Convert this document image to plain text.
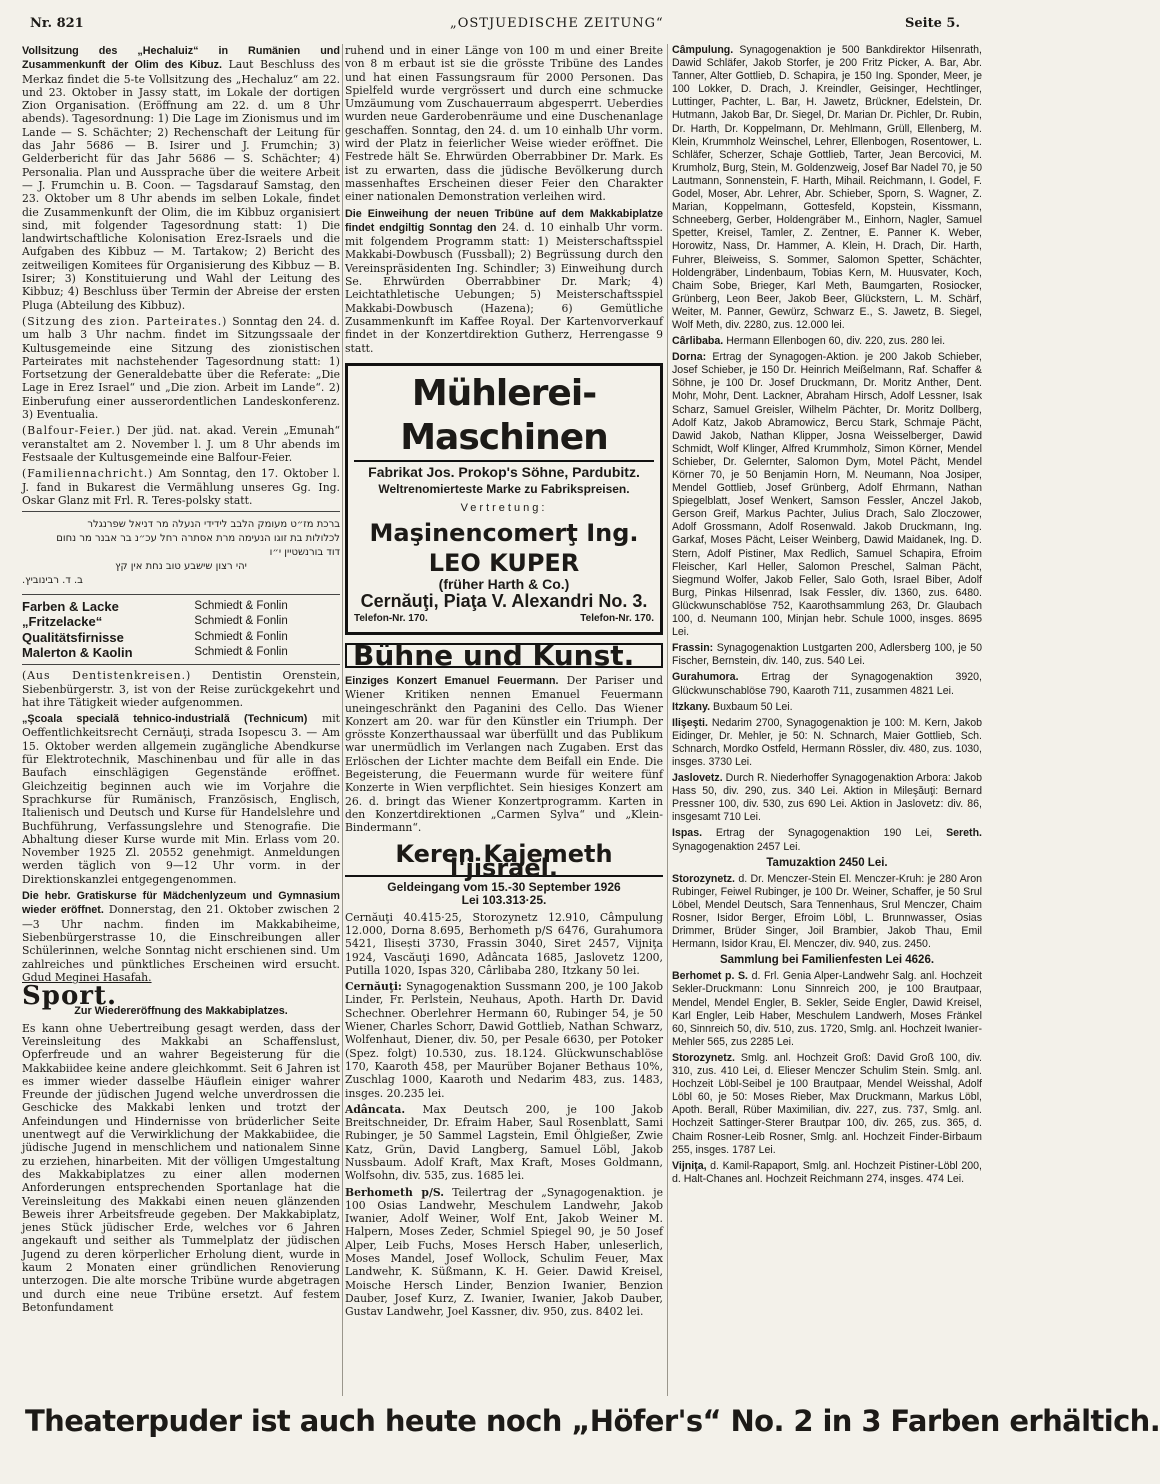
Nr. 821	„OSTJUEDISCHE ZEITUNG“	Seite 5.

Vollsitzung des „Hechaluiz“ in Rumänien und Zusammenkunft der Olim des Kibuz. Laut Beschluss des Merkaz findet die 5-te Vollsitzung des „Hechaluz“ am 22. und 23. Oktober in Jassy statt, im Lokale der dortigen Zion Organisation. (Eröffnung am 22. d. um 8 Uhr abends). Tagesordnung: 1) Die Lage im Zionismus und im Lande — S. Schächter; 2) Rechenschaft der Leitung für das Jahr 5686 — B. Isirer und J. Frumchin; 3) Gelderbericht für das Jahr 5686 — S. Schächter; 4) Personalia. Plan und Aussprache über die weitere Arbeit — J. Frumchin u. B. Coon. — Tagsdarauf Samstag, den 23. Oktober um 8 Uhr abends im selben Lokale, findet die Zusammenkunft der Olim, die im Kibbuz organisiert sind, mit folgender Tagesordnung statt: 1) Die landwirtschaftliche Kolonisation Erez-Israels und die Aufgaben des Kibbuz — M. Tartakow; 2) Bericht des zeitweiligen Komitees für Organisierung des Kibbuz — B. Isirer; 3) Konstituierung und Wahl der Leitung des Kibbuz; 4) Beschluss über Termin der Abreise der ersten Pluga (Abteilung des Kibbuz).

(Sitzung des zion. Parteirates.) Sonntag den 24. d. um halb 3 Uhr nachm. findet im Sitzungssaale der Kultusgemeinde eine Sitzung des zionistischen Parteirates mit nachstehender Tagesordnung statt: 1) Fortsetzung der Generaldebatte über die Referate: „Die Lage in Erez Israel“ und „Die zion. Arbeit im Lande“. 2) Einberufung einer ausserordentlichen Landeskonferenz. 3) Eventualia.

(Balfour-Feier.) Der jüd. nat. akad. Verein „Emunah“ veranstaltet am 2. November l. J. um 8 Uhr abends im Festsaale der Kultusgemeinde eine Balfour-Feier.

(Familiennachricht.) Am Sonntag, den 17. Oktober l. J. fand in Bukarest die Vermählung unseres Gg. Ing. Oskar Glanz mit Frl. R. Teres-polsky statt.

ברכת מז״ט מעומק הלבב לידידי הנעלה מר דניאל שפרנגלר
לכלולות בת זוגו הנעימה מרת אסתרה רחל עכ״נ בר אבנר מר נחום
דוד בורנשטיין י״ו
יהי רצון שישבע טוב נחת אין קץ
ב. ד. רבינוביץ.
Farben & Lacke	Schmiedt & Fonlin
„Fritzelacke“	Schmiedt & Fonlin
Qualitätsfirnisse	Schmiedt & Fonlin
Malerton & Kaolin	Schmiedt & Fonlin

(Aus Dentistenkreisen.) Dentistin Orenstein, Siebenbürgerstr. 3, ist von der Reise zurückgekehrt und hat ihre Tätigkeit wieder aufgenommen.

„Şcoala specială tehnico-industrială (Technicum) mit Oeffentlichkeitsrecht Cernăuţi, strada Isopescu 3. — Am 15. Oktober werden allgemein zugängliche Abendkurse für Elektrotechnik, Maschinenbau und für alle in das Baufach einschlägigen Gegenstände eröffnet. Gleichzeitig beginnen auch wie im Vorjahre die Sprachkurse für Rumänisch, Französisch, Englisch, Italienisch und Deutsch und Kurse für Handelslehre und Buchführung, Verfassungslehre und Stenografie. Die Abhaltung dieser Kurse wurde mit Min. Erlass vom 20. November 1925 Zl. 20552 genehmigt. Anmeldungen werden täglich von 9—12 Uhr vorm. in der Direktionskanzlei entgegengenommen.

Die hebr. Gratiskurse für Mädchenlyzeum und Gymnasium wieder eröffnet. Donnerstag, den 21. Oktober zwischen 2—3 Uhr nachm. finden im Makkabiheime, Siebenbürgerstrasse 10, die Einschreibungen aller Schülerinnen, welche Sonntag nicht erschienen sind. Um zahlreiches und pünktliches Erscheinen wird ersucht. Gdud Meginei Hasafah.

Sport.

Zur Wiedereröffnung des Makkabiplatzes.

Es kann ohne Uebertreibung gesagt werden, dass der Vereinsleitung des Makkabi an Schaffenslust, Opferfreude und an wahrer Begeisterung für die Makkabiidee keine andere gleichkommt. Seit 6 Jahren ist es immer wieder dasselbe Häuflein einiger wahrer Freunde der jüdischen Jugend welche unverdrossen die Geschicke des Makkabi lenken und trotzt der Anfeindungen und Hindernisse von brüderlicher Seite unentwegt auf die Verwirklichung der Makkabiidee, die jüdische Jugend in menschlichem und nationalem Sinne zu erziehen, hinarbeiten. Mit der völligen Umgestaltung des Makkabiplatzes zu einer allen modernen Anforderungen entsprechenden Sportanlage hat die Vereinsleitung des Makkabi einen neuen glänzenden Beweis ihrer Arbeitsfreude gegeben. Der Makkabiplatz, jenes Stück jüdischer Erde, welches vor 6 Jahren angekauft und seither als Tummelplatz der jüdischen Jugend zu deren körperlicher Erholung dient, wurde in kaum 2 Monaten einer gründlichen Renovierung unterzogen. Die alte morsche Tribüne wurde abgetragen und durch eine neue Tribüne ersetzt. Auf festem Betonfundament

ruhend und in einer Länge von 100 m und einer Breite von 8 m erbaut ist sie die grösste Tribüne des Landes und hat einen Fassungsraum für 2000 Personen. Das Spielfeld wurde vergrössert und durch eine schmucke Umzäumung vom Zuschauerraum abgesperrt. Ueberdies wurden neue Garderobenräume und eine Duschenanlage geschaffen. Sonntag, den 24. d. um 10 einhalb Uhr vorm. wird der Platz in feierlicher Weise wieder eröffnet. Die Festrede hält Se. Ehrwürden Oberrabbiner Dr. Mark. Es ist zu erwarten, dass die jüdische Bevölkerung durch massenhaftes Erscheinen dieser Feier den Charakter einer nationalen Demonstration verleihen wird.

Die Einweihung der neuen Tribüne auf dem Makkabiplatze findet endgiltig Sonntag den 24. d. 10 einhalb Uhr vorm. mit folgendem Programm statt: 1) Meisterschaftsspiel Makkabi-Dowbusch (Fussball); 2) Begrüssung durch den Vereinspräsidenten Ing. Schindler; 3) Einweihung durch Se. Ehrwürden Oberrabbiner Dr. Mark; 4) Leichtathletische Uebungen; 5) Meisterschaftsspiel Makkabi-Dowbusch (Hazena); 6) Gemütliche Zusammenkunft im Kaffee Royal. Der Kartenvorverkauf findet in der Konzertdirektion Gutherz, Herrengasse 9 statt.

Mühlerei-Maschinen
Fabrikat Jos. Prokop's Söhne, Pardubitz.
Weltrenomierteste Marke zu Fabrikspreisen.
Vertretung:
Maşinencomerţ Ing. LEO KUPER
(früher Harth & Co.)
Cernăuţi, Piaţa V. Alexandri No. 3.
Telefon-Nr. 170.	Telefon-Nr. 170.
Bühne und Kunst.

Einziges Konzert Emanuel Feuermann. Der Pariser und Wiener Kritiken nennen Emanuel Feuermann uneingeschränkt den Paganini des Cello. Das Wiener Konzert am 20. war für den Künstler ein Triumph. Der grösste Konzerthaussaal war überfüllt und das Publikum war unermüdlich im Verlangen nach Zugaben. Erst das Erlöschen der Lichter machte dem Beifall ein Ende. Die Begeisterung, die Feuermann wurde für weitere fünf Konzerte in Wien verpflichtet. Sein hiesiges Konzert am 26. d. bringt das Wiener Konzertprogramm. Karten in den Konzertdirektionen „Carmen Sylva“ und „Klein-Bindermann“.

Keren Kajemeth l'jisrael.
Geldeingang vom 15.-30 September 1926
Lei 103.313·25.

Cernăuţi 40.415·25, Storozynetz 12.910, Câmpulung 12.000, Dorna 8.695, Berhometh p/S 6476, Gurahumora 5421, Ilisești 3730, Frassin 3040, Siret 2457, Vijniţa 1924, Vascăuţi 1690, Adâncata 1685, Jaslovetz 1200, Putilla 1020, Ispas 320, Cârlibaba 280, Itzkany 50 lei.

Cernăuţi: Synagogenaktion Sussmann 200, je 100 Jakob Linder, Fr. Perlstein, Neuhaus, Apoth. Harth Dr. David Schechner. Oberlehrer Hermann 60, Rubinger 54, je 50 Wiener, Charles Schorr, Dawid Gottlieb, Nathan Schwarz, Wolfenhaut, Diener, div. 50, per Pesale 6630, per Potoker (Spez. folgt) 10.530, zus. 18.124. Glückwunschablöse 170, Kaaroth 458, per Maurüber Bojaner Bethaus 10%, Zuschlag 1000, Kaaroth und Nedarim 483, zus. 1483, insges. 20.235 lei.

Adâncata. Max Deutsch 200, je 100 Jakob Breitschneider, Dr. Efraim Haber, Saul Rosenblatt, Sami Rubinger, je 50 Sammel Lagstein, Emil Öhlgießer, Zwie Katz, Grün, David Langberg, Samuel Löbl, Jakob Nussbaum. Adolf Kraft, Max Kraft, Moses Goldmann, Wolfsohn, div. 535, zus. 1685 lei.

Berhometh p/S. Teilertrag der „Synagogenaktion. je 100 Osias Landwehr, Meschulem Landwehr, Jakob Iwanier, Adolf Weiner, Wolf Ent, Jakob Weiner M. Halpern, Moses Zeder, Schmiel Spiegel 90, je 50 Josef Alper, Leib Fuchs, Moses Hersch Haber, unleserlich, Moses Mandel, Josef Wollock, Schulim Feuer, Max Landwehr, K. Süßmann, K. H. Geier. Dawid Kreisel, Moische Hersch Linder, Benzion Iwanier, Benzion Dauber, Josef Kurz, Z. Iwanier, Iwanier, Jakob Dauber, Gustav Landwehr, Joel Kassner, div. 950, zus. 8402 lei.

Câmpulung. Synagogenaktion je 500 Bankdirektor Hilsenrath, Dawid Schläfer, Jakob Storfer, je 200 Fritz Picker, A. Bar, Abr. Tanner, Alter Gottlieb, D. Schapira, je 150 Ing. Sponder, Meer, je 100 Lokker, D. Drach, J. Kreindler, Geisinger, Hechtlinger, Luttinger, Pachter, L. Bar, H. Jawetz, Brückner, Edelstein, Dr. Hutmann, Jakob Bar, Dr. Siegel, Dr. Marian Dr. Pichler, Dr. Rubin, Dr. Harth, Dr. Koppelmann, Dr. Mehlmann, Grüll, Ellenberg, M. Klein, Krummholz Weinschel, Lehrer, Ellenbogen, Rosentower, L. Schläfer, Scherzer, Schaje Gottlieb, Tarter, Jean Bercovici, M. Krumholz, Burg, Stein, M. Goldenzweig, Josef Bar Nadel 70, je 50 Lautmann, Sonnenstein, F. Harth, Mihail. Reichmann, I. Godel, F. Godel, Moser, Abr. Lehrer, Abr. Schieber, Sporn, S. Wagner, Z. Marian, Koppelmann, Gottesfeld, Kopstein, Kissmann, Schneeberg, Gerber, Holdengräber M., Einhorn, Nagler, Samuel Spetter, Kreisel, Tamler, Z. Zentner, E. Panner K. Weber, Horowitz, Nass, Dr. Hammer, A. Klein, H. Drach, Dir. Harth, Fuhrer, Bleiweiss, S. Sommer, Salomon Spetter, Schächter, Holdengräber, Lindenbaum, Tobias Kern, M. Huusvater, Koch, Chaim Sobe, Brieger, Karl Meth, Baumgarten, Rosiocker, Grünberg, Leon Beer, Jakob Beer, Glückstern, L. M. Schärf, Weiter, M. Panner, Gewürz, Schwarz E., S. Jawetz, B. Siegel, Wolf Meth, div. 2280, zus. 12.000 lei.

Cârlibaba. Hermann Ellenbogen 60, div. 220, zus. 280 lei.

Dorna: Ertrag der Synagogen-Aktion. je 200 Jakob Schieber, Josef Schieber, je 150 Dr. Heinrich Meißelmann, Raf. Schaffer & Söhne, je 100 Dr. Josef Druckmann, Dr. Moritz Anther, Dent. Mohr, Mohr, Dent. Lackner, Abraham Hirsch, Adolf Lessner, Isak Scharz, Samuel Greisler, Wilhelm Pächter, Dr. Moritz Dollberg, Adolf Katz, Jakob Abramowicz, Bercu Stark, Schmaje Pächt, Dawid Jakob, Nathan Klipper, Josna Weisselberger, Dawid Schmidt, Wolf Klinger, Alfred Krummholz, Simon Körner, Mendel Schieber, Dr. Gelernter, Salomon Dym, Motel Pächt, Mendel Körner 70, je 50 Benjamin Horn, M. Neumann, Noa Josiper, Mendel Gottlieb, Josef Grünberg, Adolf Ehrmann, Nathan Spiegelblatt, Josef Wenkert, Samson Fessler, Anczel Jakob, Gerson Greif, Markus Pachter, Julius Drach, Salo Zloczower, Adolf Grossmann, Adolf Rosenwald. Jakob Druckmann, Ing. Garkaf, Moses Pächt, Leiser Weinberg, Dawid Maidanek, Ing. D. Stern, Adolf Pistiner, Max Redlich, Samuel Schapira, Efroim Fleischer, Karl Heller, Salomon Preschel, Salman Pächt, Siegmund Wolfer, Jakob Feller, Salo Goth, Israel Biber, Adolf Burg, Pinkas Hilsenrad, Isak Fessler, div. 1360, zus. 6480. Glückwunschablöse 752, Kaarothsammlung 263, Dr. Glaubach 100, d. Neumann 100, Minjan hebr. Schule 1000, insges. 8695 Lei.

Frassin: Synagogenaktion Lustgarten 200, Adlersberg 100, je 50 Fischer, Bernstein, div. 140, zus. 540 Lei.

Gurahumora. Ertrag der Synagogenaktion 3920, Glückwunschablöse 790, Kaaroth 711, zusammen 4821 Lei.

Itzkany. Buxbaum 50 Lei.

Ilişeşti. Nedarim 2700, Synagogenaktion je 100: M. Kern, Jakob Eidinger, Dr. Mehler, je 50: N. Schnarch, Maier Gottlieb, Sch. Schnarch, Mordko Ostfeld, Hermann Rössler, div. 480, zus. 1030, insges. 3730 Lei.

Jaslovetz. Durch R. Niederhoffer Synagogenaktion Arbora: Jakob Hass 50, div. 290, zus. 340 Lei. Aktion in Mileşăuţi: Bernard Pressner 100, div. 530, zus 690 Lei. Aktion in Jaslovetz: div. 86, insgesamt 710 Lei.

Ispas. Ertrag der Synagogenaktion 190 Lei, Sereth. Synagogenaktion 2457 Lei.

Tamuzaktion 2450 Lei.

Storozynetz. d. Dr. Menczer-Stein El. Menczer-Kruh: je 280 Aron Rubinger, Feiwel Rubinger, je 100 Dr. Weiner, Schaffer, je 50 Srul Löbel, Mendel Deutsch, Sara Tennenhaus, Srul Menczer, Chaim Rosner, Isidor Berger, Efroim Löbl, L. Brunnwasser, Osias Drimmer, Brüder Singer, Joil Brambier, Jakob Thau, Emil Hermann, Isidor Krau, El. Menczer, div. 940, zus. 2450.

Sammlung bei Familienfesten Lei 4626.

Berhomet p. S. d. Frl. Genia Alper-Landwehr Salg. anl. Hochzeit Sekler-Druckmann: Lonu Sinnreich 200, je 100 Brautpaar, Mendel, Mendel Engler, B. Sekler, Seide Engler, Dawid Kreisel, Karl Engler, Leib Haber, Meschulem Landwerh, Moses Fränkel 60, Sinnreich 50, div. 510, zus. 1720, Smlg. anl. Hochzeit Iwanier-Mehler 565, zus 2285 Lei.

Storozynetz. Smlg. anl. Hochzeit Groß: David Groß 100, div. 310, zus. 410 Lei, d. Elieser Menczer Schulim Stein. Smlg. anl. Hochzeit Löbl-Seibel je 100 Brautpaar, Mendel Weisshal, Adolf Löbl 60, je 50: Moses Rieber, Max Druckmann, Markus Löbl, Apoth. Berall, Rüber Maximilian, div. 227, zus. 737, Smlg. anl. Hochzeit Sattinger-Sterer Brautpar 100, div. 265, zus. 365, d. Chaim Rosner-Leib Rosner, Smlg. anl. Hochzeit Finder-Birbaum 255, insges. 1787 Lei.

Vijniţa, d. Kamil-Rapaport, Smlg. anl. Hochzeit Pistiner-Löbl 200, d. Halt-Chanes anl. Hochzeit Reichmann 274, insges. 474 Lei.

Theaterpuder ist auch heute noch „Höfer's“ No. 2 in 3 Farben erhältich.
